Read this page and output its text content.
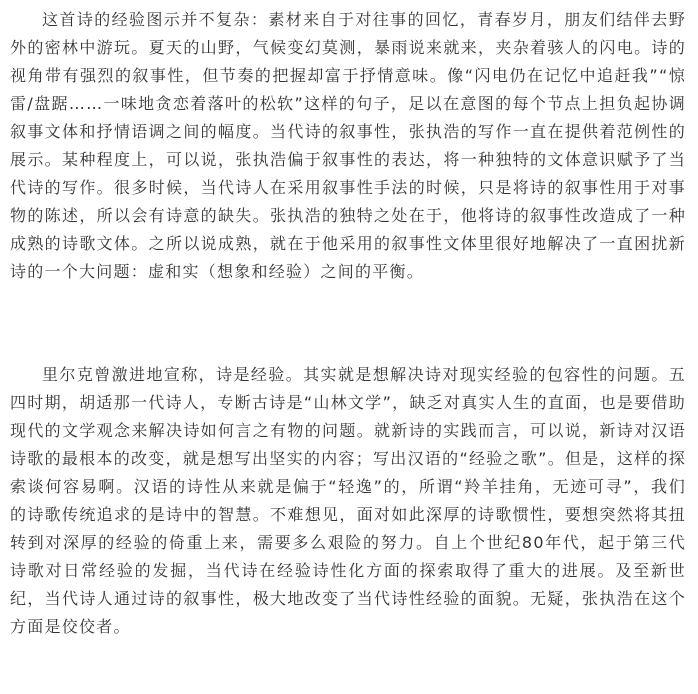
这首诗的经验图示并不复杂：素材来自于对往事的回忆，青春岁月，朋友们结伴去野外的密林中游玩。夏天的山野，气候变幻莫测，暴雨说来就来，夹杂着骇人的闪电。诗的视角带有强烈的叙事性，但节奏的把握却富于抒情意味。像“闪电仍在记忆中追赶我”“惊雷/盘踞……一味地贪恋着落叶的松软”这样的句子，足以在意图的每个节点上担负起协调叙事文体和抒情语调之间的幅度。当代诗的叙事性，张执浩的写作一直在提供着范例性的展示。某种程度上，可以说，张执浩偏于叙事性的表达，将一种独特的文体意识赋予了当代诗的写作。很多时候，当代诗人在采用叙事性手法的时候，只是将诗的叙事性用于对事物的陈述，所以会有诗意的缺失。张执浩的独特之处在于，他将诗的叙事性改造成了一种成熟的诗歌文体。之所以说成熟，就在于他采用的叙事性文体里很好地解决了一直困扰新诗的一个大问题：虚和实（想象和经验）之间的平衡。

里尔克曾激进地宣称，诗是经验。其实就是想解决诗对现实经验的包容性的问题。五四时期，胡适那一代诗人，专断古诗是“山林文学”，缺乏对真实人生的直面，也是要借助现代的文学观念来解决诗如何言之有物的问题。就新诗的实践而言，可以说，新诗对汉语诗歌的最根本的改变，就是想写出坚实的内容；写出汉语的“经验之歌”。但是，这样的探索谈何容易啊。汉语的诗性从来就是偏于“轻逸”的，所谓“羚羊挂角，无迹可寻”，我们的诗歌传统追求的是诗中的智慧。不难想见，面对如此深厚的诗歌惯性，要想突然将其扭转到对深厚的经验的倚重上来，需要多么艰险的努力。自上个世纪80年代，起于第三代诗歌对日常经验的发掘，当代诗在经验诗性化方面的探索取得了重大的进展。及至新世纪，当代诗人通过诗的叙事性，极大地改变了当代诗性经验的面貌。无疑，张执浩在这个方面是佼佼者。
